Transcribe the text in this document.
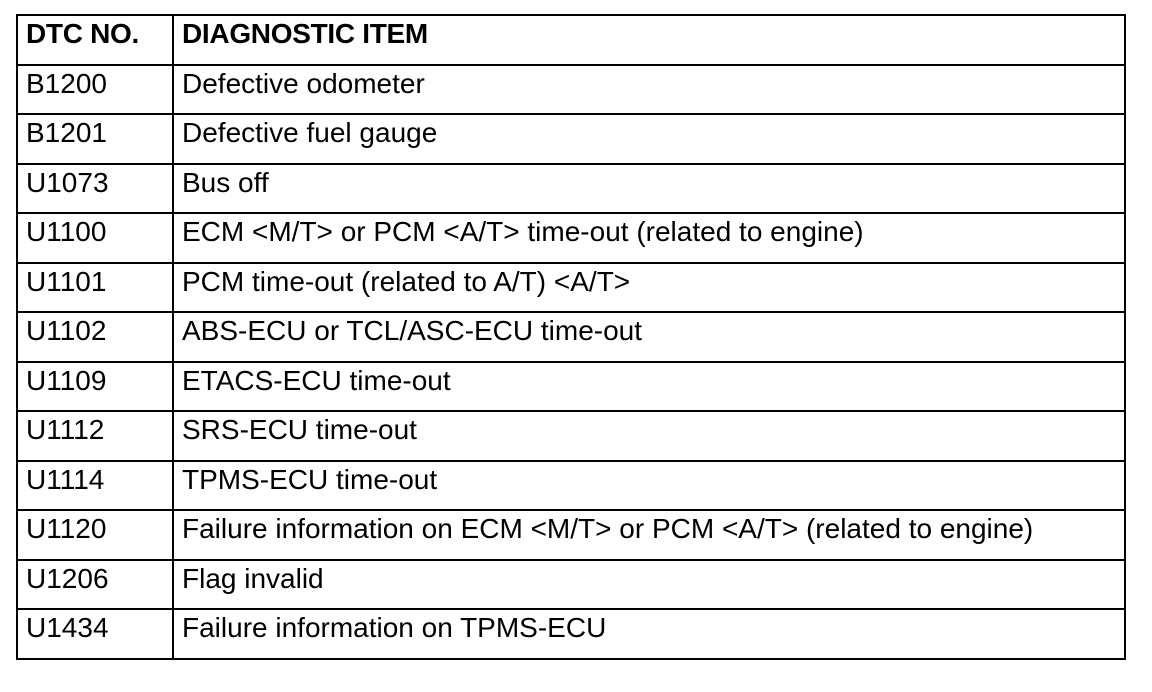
DTC NO.	DIAGNOSTIC ITEM
B1200	Defective odometer
B1201	Defective fuel gauge
U1073	Bus off
U1100	ECM <M/T> or PCM <A/T> time-out (related to engine)
U1101	PCM time-out (related to A/T) <A/T>
U1102	ABS-ECU or TCL/ASC-ECU time-out
U1109	ETACS-ECU time-out
U1112	SRS-ECU time-out
U1114	TPMS-ECU time-out
U1120	Failure information on ECM <M/T> or PCM <A/T> (related to engine)
U1206	Flag invalid
U1434	Failure information on TPMS-ECU
